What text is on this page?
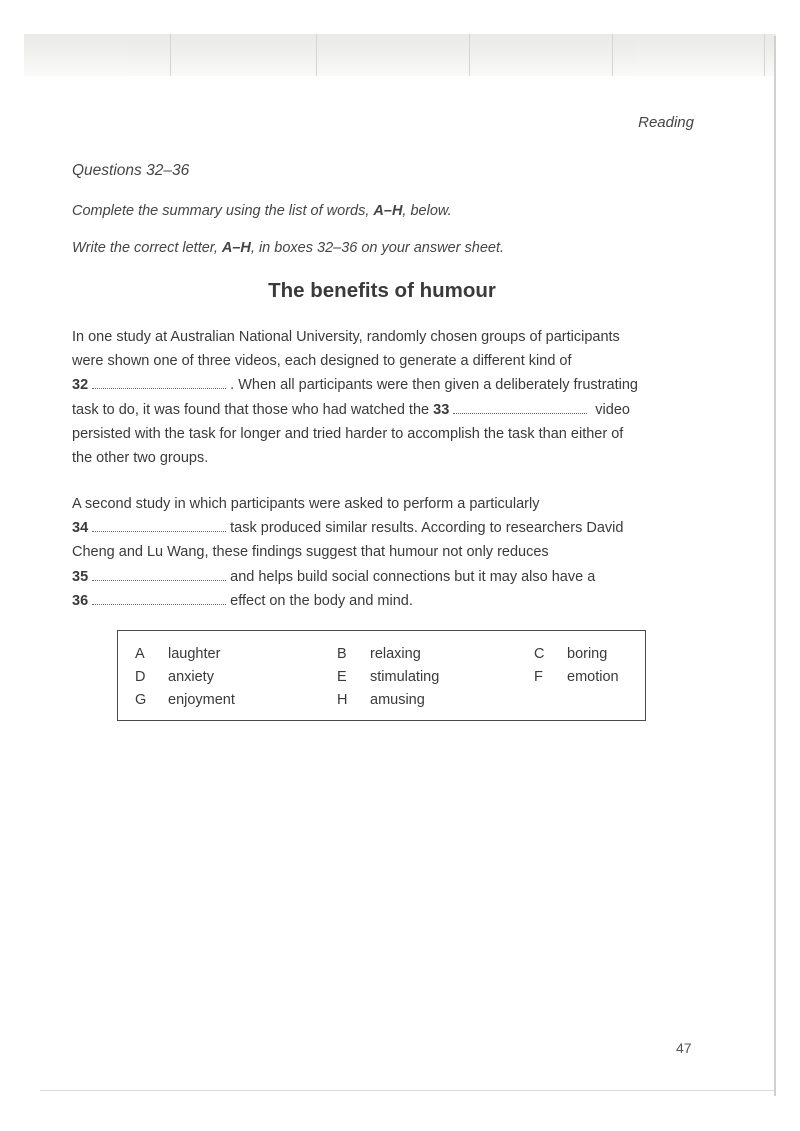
Reading
Questions 32–36
Complete the summary using the list of words, A–H, below.
Write the correct letter, A–H, in boxes 32–36 on your answer sheet.
The benefits of humour
In one study at Australian National University, randomly chosen groups of participants
were shown one of three videos, each designed to generate a different kind of
32	. When all participants were then given a deliberately frustrating
task to do, it was found that those who had watched the 33	video
persisted with the task for longer and tried harder to accomplish the task than either of
the other two groups.
A second study in which participants were asked to perform a particularly
34	task produced similar results. According to researchers David
Cheng and Lu Wang, these findings suggest that humour not only reduces
35	and helps build social connections but it may also have a
36	effect on the body and mind.
A	laughter	B	relaxing	C	boring
D	anxiety	E	stimulating	F	emotion
G	enjoyment	H	amusing
47
